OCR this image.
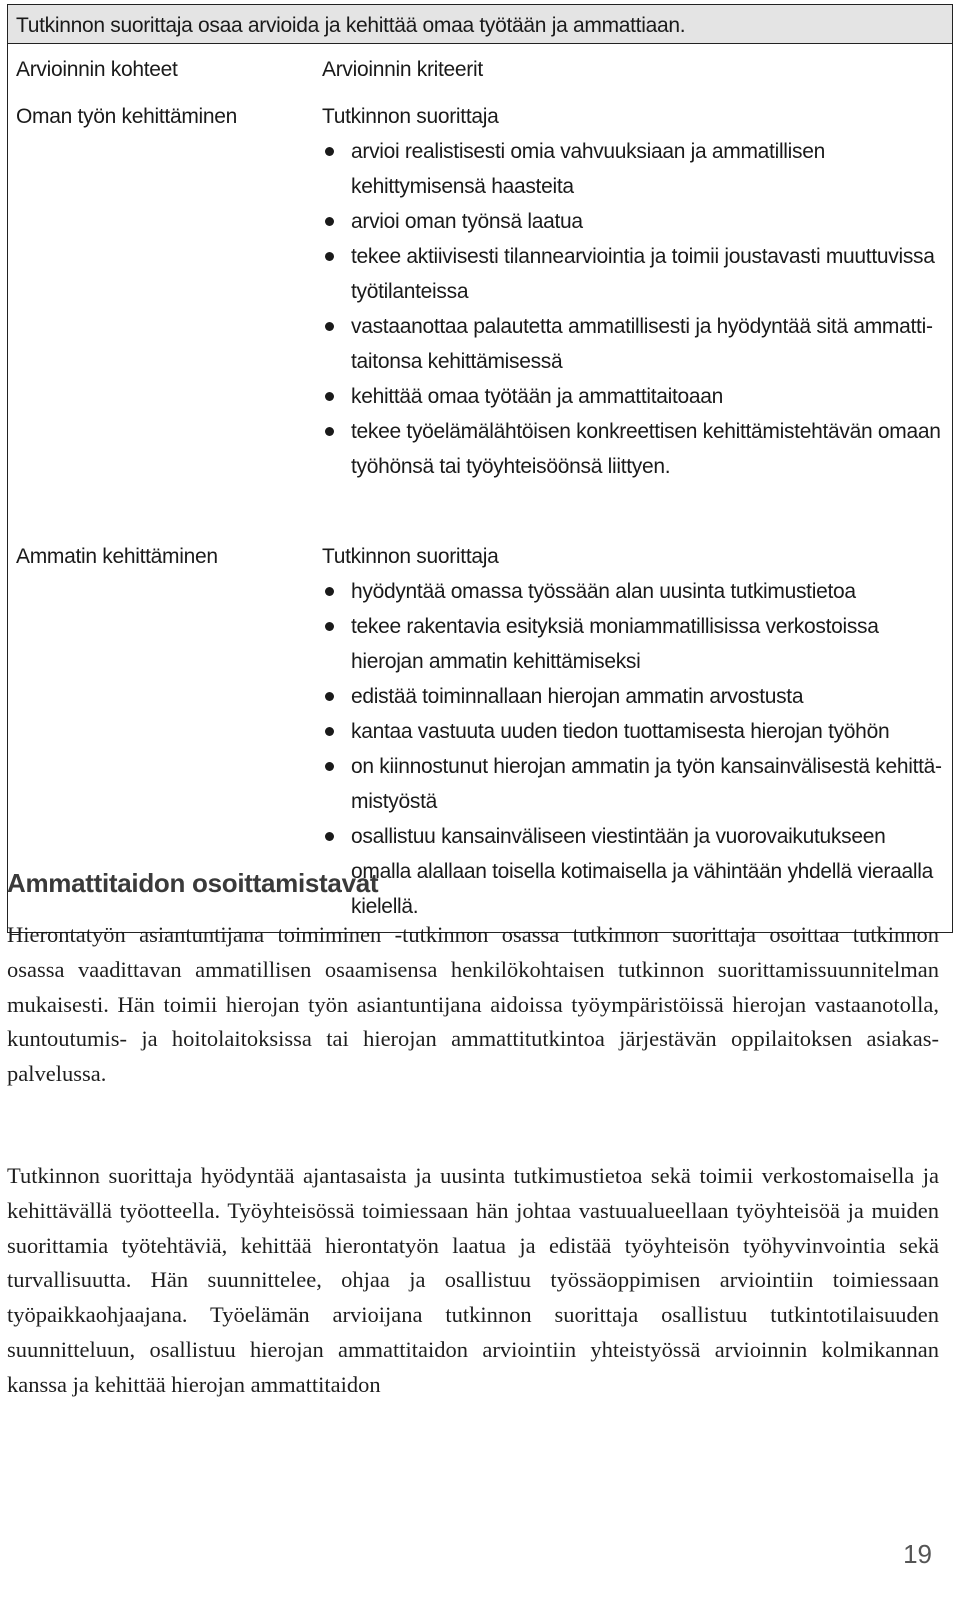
Tutkinnon suorittaja osaa arvioida ja kehittää omaa työtään ja ammattiaan.
Arvioinnin kohteet	Arvioinnin kriteerit
Oman työn kehittäminen	Tutkinnon suorittaja
arvioi realistisesti omia vahvuuksiaan ja ammatillisen kehittymisensä haasteita
arvioi oman työnsä laatua
tekee aktiivisesti tilannearviointia ja toimii joustavasti muuttuvissa työtilanteissa
vastaanottaa palautetta ammatillisesti ja hyödyntää sitä ammattitaitonsa kehittämisessä
kehittää omaa työtään ja ammattitaitoaan
tekee työelämälähtöisen konkreettisen kehittämistehtävän omaan työhönsä tai työyhteisöönsä liittyen.
Ammatin kehittäminen	Tutkinnon suorittaja
hyödyntää omassa työssään alan uusinta tutkimustietoa
tekee rakentavia esityksiä moniammatillisissa verkostoissa hierojan ammatin kehittämiseksi
edistää toiminnallaan hierojan ammatin arvostusta
kantaa vastuuta uuden tiedon tuottamisesta hierojan työhön
on kiinnostunut hierojan ammatin ja työn kansainvälisestä kehittämistyöstä
osallistuu kansainväliseen viestintään ja vuorovaikutukseen omalla alallaan toisella kotimaisella ja vähintään yhdellä vieraalla kielellä.
Ammattitaidon osoittamistavat

Hierontatyön asiantuntijana toimiminen -tutkinnon osassa tutkinnon suorittaja osoittaa tutkinnon osassa vaadittavan ammatillisen osaamisensa henkilökohtaisen tutkinnon suorittamissuunnitelman mukaisesti. Hän toimii hierojan työn asiantuntijana aidoissa työympäristöissä hierojan vastaanotolla, kuntoutumis- ja hoitolaitoksissa tai hierojan ammattitutkintoa järjestävän oppilaitoksen asiakaspalvelussa.

Tutkinnon suorittaja hyödyntää ajantasaista ja uusinta tutkimustietoa sekä toimii verkostomaisella ja kehittävällä työotteella. Työyhteisössä toimiessaan hän johtaa vastuualueellaan työyhteisöä ja muiden suorittamia työtehtäviä, kehittää hierontatyön laatua ja edistää työyhteisön työhyvinvointia sekä turvallisuutta. Hän suunnittelee, ohjaa ja osallistuu työssäoppimisen arviointiin toimiessaan työpaikkaohjaajana. Työelämän arvioijana tutkinnon suorittaja osallistuu tutkintotilaisuuden suunnitteluun, osallistuu hierojan ammattitaidon arviointiin yhteistyössä arvioinnin kolmikannan kanssa ja kehittää hierojan ammattitaidon

19
